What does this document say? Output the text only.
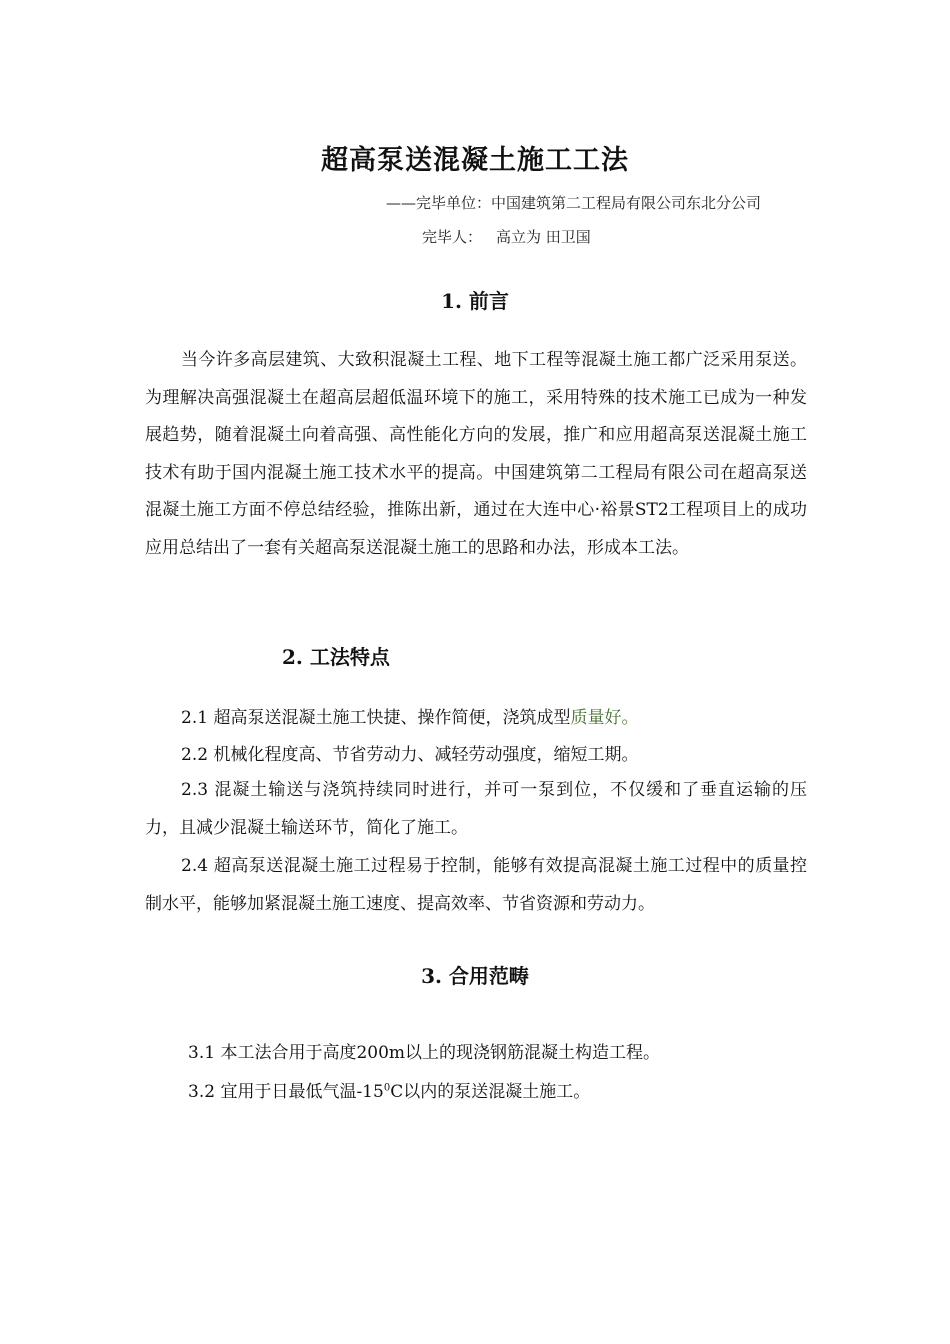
超高泵送混凝土施工工法
——完毕单位：中国建筑第二工程局有限公司东北分公司
完毕人： 高立为 田卫国
1. 前言

当今许多高层建筑、大致积混凝土工程、地下工程等混凝土施工都广泛采用泵送。为理解决高强混凝土在超高层超低温环境下的施工，采用特殊的技术施工已成为一种发展趋势，随着混凝土向着高强、高性能化方向的发展，推广和应用超高泵送混凝土施工技术有助于国内混凝土施工技术水平的提高。中国建筑第二工程局有限公司在超高泵送混凝土施工方面不停总结经验，推陈出新，通过在大连中心·裕景ST2工程项目上的成功应用总结出了一套有关超高泵送混凝土施工的思路和办法，形成本工法。

2. 工法特点

2.1 超高泵送混凝土施工快捷、操作简便，浇筑成型质量好。

2.2 机械化程度高、节省劳动力、减轻劳动强度，缩短工期。

2.3 混凝土输送与浇筑持续同时进行，并可一泵到位，不仅缓和了垂直运输的压力，且减少混凝土输送环节，简化了施工。

2.4 超高泵送混凝土施工过程易于控制，能够有效提高混凝土施工过程中的质量控制水平，能够加紧混凝土施工速度、提高效率、节省资源和劳动力。

3. 合用范畴
3.1 本工法合用于高度200m以上的现浇钢筋混凝土构造工程。
3.2 宜用于日最低气温$-15^0C$以内的泵送混凝土施工。
